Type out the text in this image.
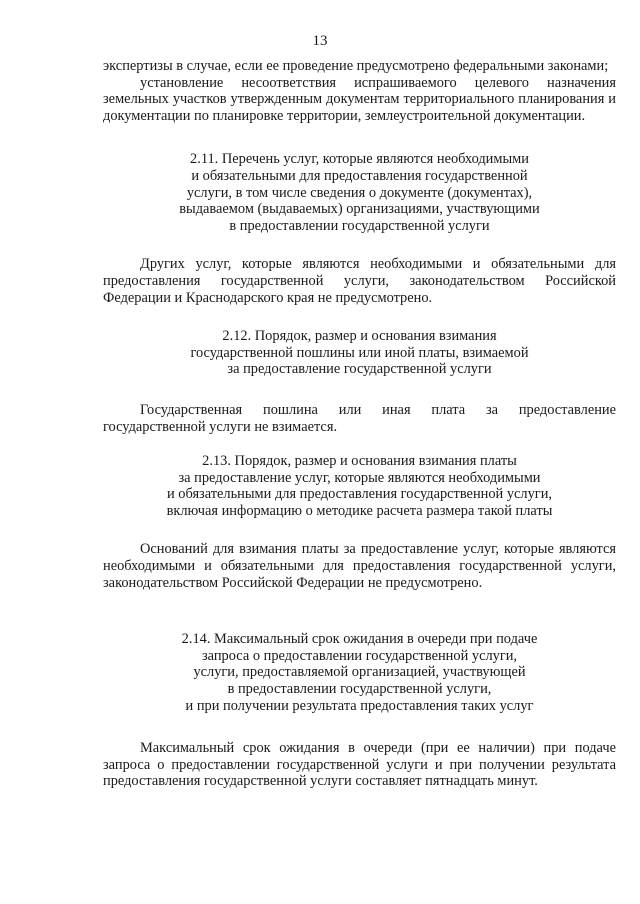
13

экспертизы в случае, если ее проведение предусмотрено федеральными законами;

установление несоответствия испрашиваемого целевого назначения земельных участков утвержденным документам территориального планирования и документации по планировке территории, землеустроительной документации.

2.11. Перечень услуг, которые являются необходимыми
и обязательными для предоставления государственной
услуги, в том числе сведения о документе (документах),
выдаваемом (выдаваемых) организациями, участвующими
в предоставлении государственной услуги

Других услуг, которые являются необходимыми и обязательными для предоставления государственной услуги, законодательством Российской Федерации и Краснодарского края не предусмотрено.

2.12. Порядок, размер и основания взимания
государственной пошлины или иной платы, взимаемой
за предоставление государственной услуги

Государственная пошлина или иная плата за предоставление государственной услуги не взимается.

2.13. Порядок, размер и основания взимания платы
за предоставление услуг, которые являются необходимыми
и обязательными для предоставления государственной услуги,
включая информацию о методике расчета размера такой платы

Оснований для взимания платы за предоставление услуг, которые являются необходимыми и обязательными для предоставления государственной услуги, законодательством Российской Федерации не предусмотрено.

2.14. Максимальный срок ожидания в очереди при подаче
запроса о предоставлении государственной услуги,
услуги, предоставляемой организацией, участвующей
в предоставлении государственной услуги,
и при получении результата предоставления таких услуг

Максимальный срок ожидания в очереди (при ее наличии) при подаче запроса о предоставлении государственной услуги и при получении результата предоставления государственной услуги составляет пятнадцать минут.
